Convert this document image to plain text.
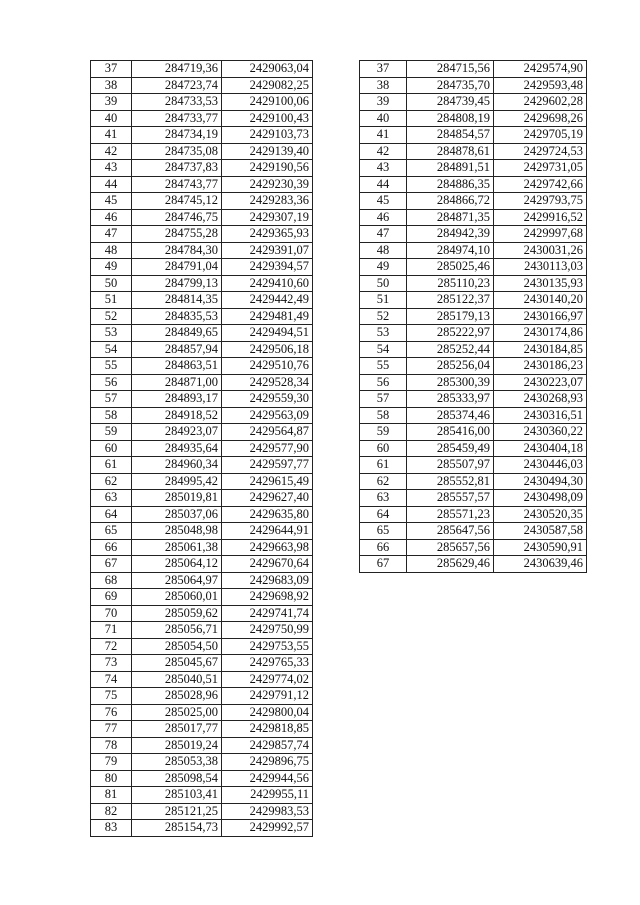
37	284719,36	2429063,04
38	284723,74	2429082,25
39	284733,53	2429100,06
40	284733,77	2429100,43
41	284734,19	2429103,73
42	284735,08	2429139,40
43	284737,83	2429190,56
44	284743,77	2429230,39
45	284745,12	2429283,36
46	284746,75	2429307,19
47	284755,28	2429365,93
48	284784,30	2429391,07
49	284791,04	2429394,57
50	284799,13	2429410,60
51	284814,35	2429442,49
52	284835,53	2429481,49
53	284849,65	2429494,51
54	284857,94	2429506,18
55	284863,51	2429510,76
56	284871,00	2429528,34
57	284893,17	2429559,30
58	284918,52	2429563,09
59	284923,07	2429564,87
60	284935,64	2429577,90
61	284960,34	2429597,77
62	284995,42	2429615,49
63	285019,81	2429627,40
64	285037,06	2429635,80
65	285048,98	2429644,91
66	285061,38	2429663,98
67	285064,12	2429670,64
68	285064,97	2429683,09
69	285060,01	2429698,92
70	285059,62	2429741,74
71	285056,71	2429750,99
72	285054,50	2429753,55
73	285045,67	2429765,33
74	285040,51	2429774,02
75	285028,96	2429791,12
76	285025,00	2429800,04
77	285017,77	2429818,85
78	285019,24	2429857,74
79	285053,38	2429896,75
80	285098,54	2429944,56
81	285103,41	2429955,11
82	285121,25	2429983,53
83	285154,73	2429992,57
37	284715,56	2429574,90
38	284735,70	2429593,48
39	284739,45	2429602,28
40	284808,19	2429698,26
41	284854,57	2429705,19
42	284878,61	2429724,53
43	284891,51	2429731,05
44	284886,35	2429742,66
45	284866,72	2429793,75
46	284871,35	2429916,52
47	284942,39	2429997,68
48	284974,10	2430031,26
49	285025,46	2430113,03
50	285110,23	2430135,93
51	285122,37	2430140,20
52	285179,13	2430166,97
53	285222,97	2430174,86
54	285252,44	2430184,85
55	285256,04	2430186,23
56	285300,39	2430223,07
57	285333,97	2430268,93
58	285374,46	2430316,51
59	285416,00	2430360,22
60	285459,49	2430404,18
61	285507,97	2430446,03
62	285552,81	2430494,30
63	285557,57	2430498,09
64	285571,23	2430520,35
65	285647,56	2430587,58
66	285657,56	2430590,91
67	285629,46	2430639,46
